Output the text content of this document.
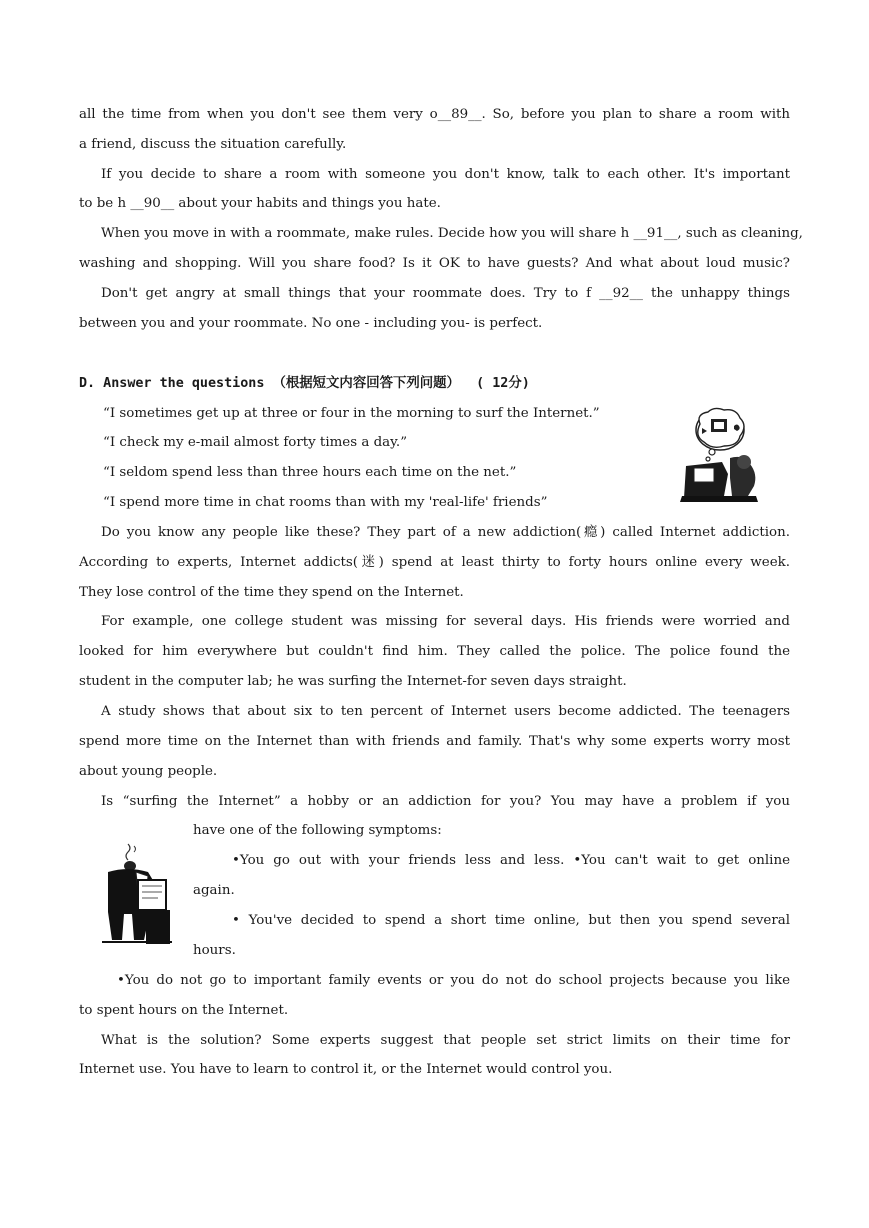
all the time from when you don't see them very o__89__. So, before you plan to share a room with
a friend, discuss the situation carefully.
If you decide to share a room with someone you don't know, talk to each other. It's important
to be h __90__ about your habits and things you hate.
When you move in with a roommate, make rules. Decide how you will share h __91__, such as cleaning,
washing and shopping. Will you share food? Is it OK to have guests? And what about loud music?
Don't get angry at small things that your roommate does. Try to f __92__ the unhappy things
between you and your roommate. No one - including you- is perfect.
D. Answer the questions （根据短文内容回答下列问题）  ( 12分)
“I sometimes get up at three or four in the morning to surf the Internet.”
“I check my e-mail almost forty times a day.”
“I seldom spend less than three hours each time on the net.”
“I spend more time in chat rooms than with my 'real-life' friends”
Do you know any people like these? They part of a new addiction(瘾) called Internet addiction.
According to experts, Internet addicts(迷) spend at least thirty to forty hours online every week.
They lose control of the time they spend on the Internet.
For example, one college student was missing for several days. His friends were worried and
looked for him everywhere but couldn't find him. They called the police. The police found the
student in the computer lab; he was surfing the Internet-for seven days straight.
A study shows that about six to ten percent of Internet users become addicted. The teenagers
spend more time on the Internet than with friends and family. That's why some experts worry most
about young people.
Is “surfing the Internet” a hobby or an addiction for you? You may have a problem if you
have one of the following symptoms:
•You go out with your friends less and less. •You can't wait to get online
again.
• You've decided to spend a short time online, but then you spend several
hours.
•You do not go to important family events or you do not do school projects because you like
to spent hours on the Internet.
What is the solution? Some experts suggest that people set strict limits on their time for
Internet use. You have to learn to control it, or the Internet would control you.
